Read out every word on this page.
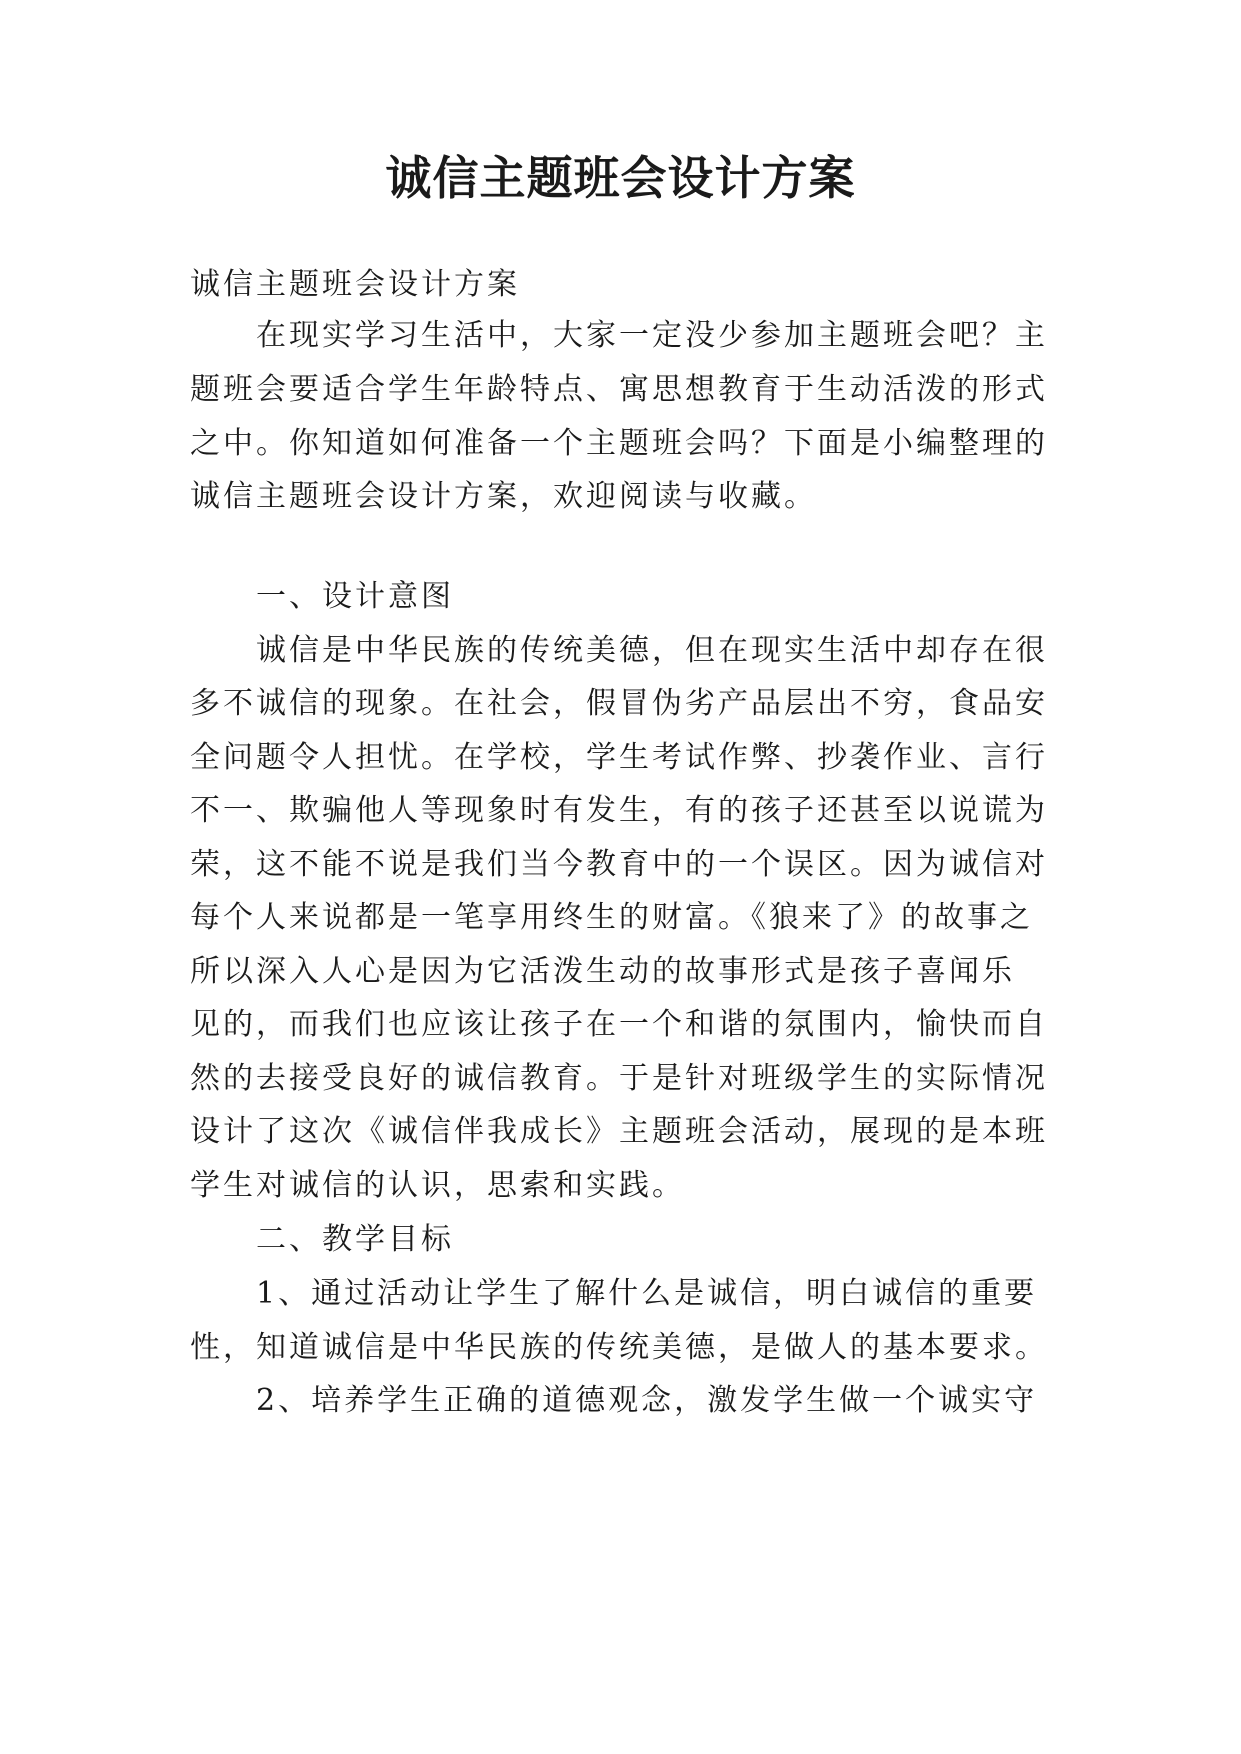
诚信主题班会设计方案

诚信主题班会设计方案

在现实学习生活中，大家一定没少参加主题班会吧？主

题班会要适合学生年龄特点、寓思想教育于生动活泼的形式

之中。你知道如何准备一个主题班会吗？下面是小编整理的

诚信主题班会设计方案，欢迎阅读与收藏。

一、设计意图

诚信是中华民族的传统美德，但在现实生活中却存在很

多不诚信的现象。在社会，假冒伪劣产品层出不穷，食品安

全问题令人担忧。在学校，学生考试作弊、抄袭作业、言行

不一、欺骗他人等现象时有发生，有的孩子还甚至以说谎为

荣，这不能不说是我们当今教育中的一个误区。因为诚信对

每个人来说都是一笔享用终生的财富。《狼来了》的故事之

所以深入人心是因为它活泼生动的故事形式是孩子喜闻乐

见的，而我们也应该让孩子在一个和谐的氛围内，愉快而自

然的去接受良好的诚信教育。于是针对班级学生的实际情况

设计了这次《诚信伴我成长》主题班会活动，展现的是本班

学生对诚信的认识，思索和实践。

二、教学目标

1、通过活动让学生了解什么是诚信，明白诚信的重要

性，知道诚信是中华民族的传统美德，是做人的基本要求。

2、培养学生正确的道德观念，激发学生做一个诚实守
